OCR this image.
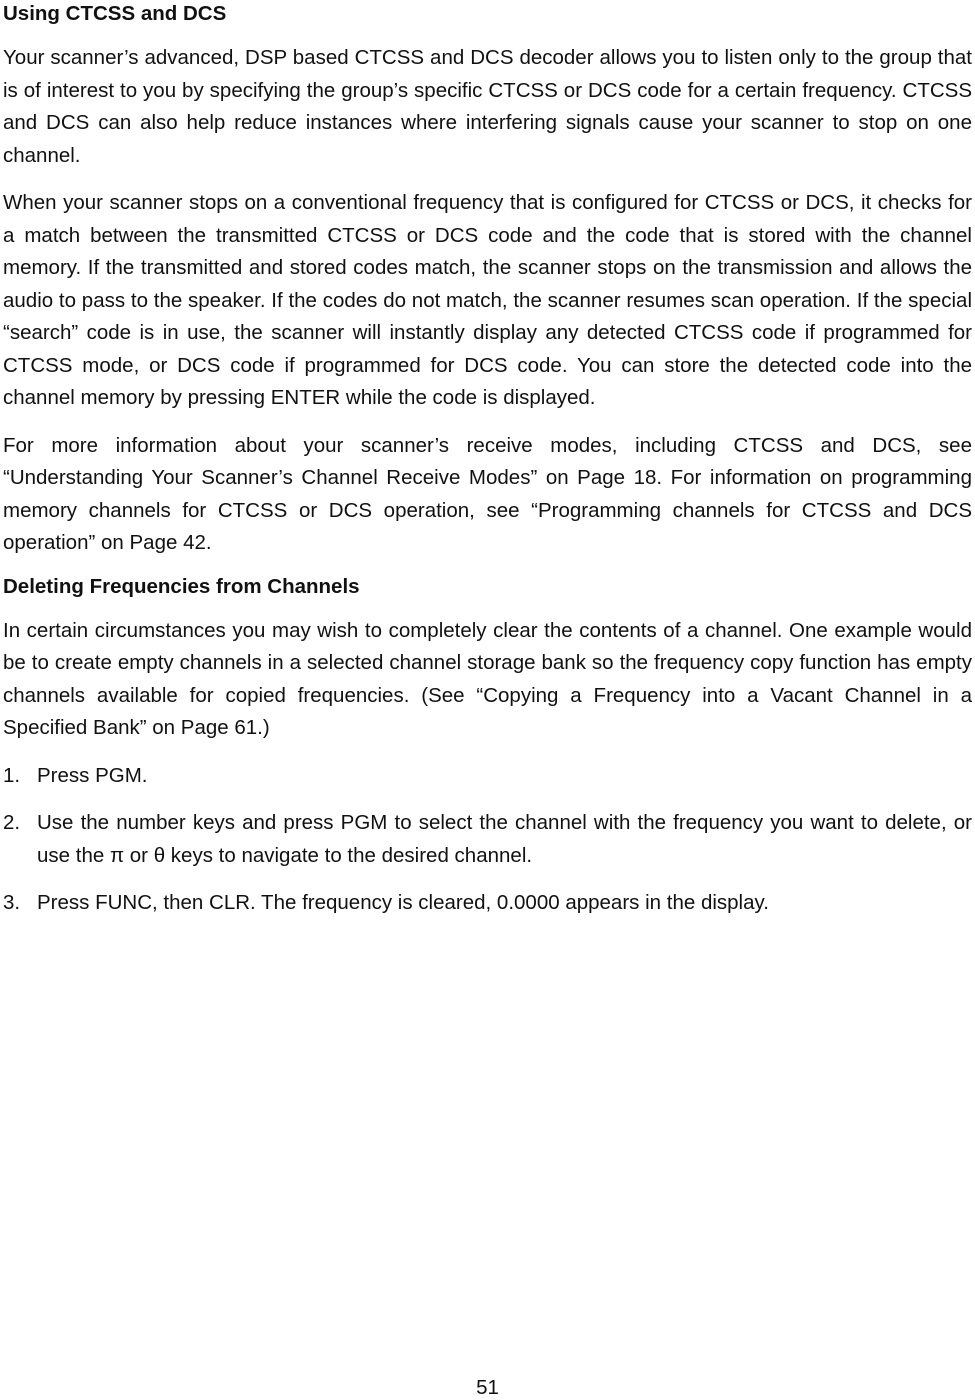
Using CTCSS and DCS

Your scanner’s advanced, DSP based CTCSS and DCS decoder allows you to listen only to the group that is of interest to you by specifying the group’s specific CTCSS or DCS code for a certain frequency. CTCSS and DCS can also help reduce instances where interfering signals cause your scanner to stop on one channel.

When your scanner stops on a conventional frequency that is configured for CTCSS or DCS, it checks for a match between the transmitted CTCSS or DCS code and the code that is stored with the channel memory. If the transmitted and stored codes match, the scanner stops on the transmission and allows the audio to pass to the speaker. If the codes do not match, the scanner resumes scan operation. If the special “search” code is in use, the scanner will instantly display any detected CTCSS code if programmed for CTCSS mode, or DCS code if programmed for DCS code. You can store the detected code into the channel memory by pressing ENTER while the code is displayed.

For more information about your scanner’s receive modes, including CTCSS and DCS, see “Understanding Your Scanner’s Channel Receive Modes” on Page 18. For information on programming memory channels for CTCSS or DCS operation, see “Programming channels for CTCSS and DCS operation” on Page 42.

Deleting Frequencies from Channels

In certain circumstances you may wish to completely clear the contents of a channel. One example would be to create empty channels in a selected channel storage bank so the frequency copy function has empty channels available for copied frequencies. (See “Copying a Frequency into a Vacant Channel in a Specified Bank” on Page 61.)

1. Press PGM.
2. Use the number keys and press PGM to select the channel with the frequency you want to delete, or use the π or θ keys to navigate to the desired channel.
3. Press FUNC, then CLR. The frequency is cleared, 0.0000 appears in the display.
51
